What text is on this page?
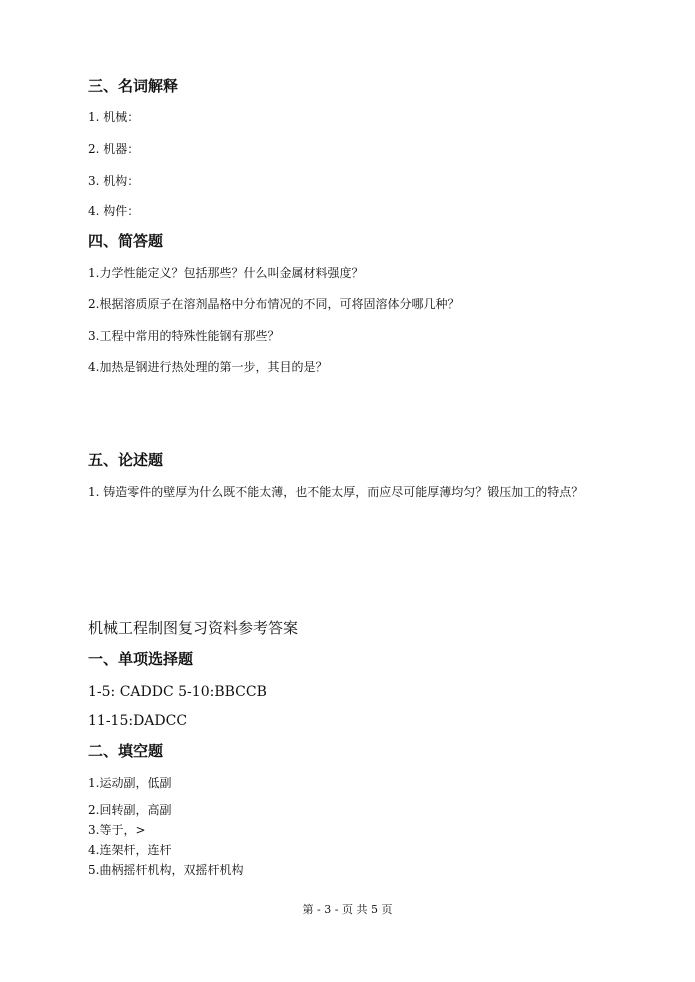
三、名词解释
1. 机械：
2. 机器：
3. 机构：
4. 构件：
四、简答题
1.力学性能定义？包括那些？什么叫金属材料强度？
2.根据溶质原子在溶剂晶格中分布情况的不同，可将固溶体分哪几种？
3.工程中常用的特殊性能钢有那些？
4.加热是钢进行热处理的第一步，其目的是？
五、论述题
1. 铸造零件的壁厚为什么既不能太薄，也不能太厚，而应尽可能厚薄均匀？锻压加工的特点？
机械工程制图复习资料参考答案
一、单项选择题
1-5: CADDC 5-10:BBCCB
11-15:DADCC
二、填空题
1.运动副，低副
2.回转副，高副
3.等于，>
4.连架杆，连杆
5.曲柄摇杆机构，双摇杆机构
第 - 3 - 页 共 5 页
